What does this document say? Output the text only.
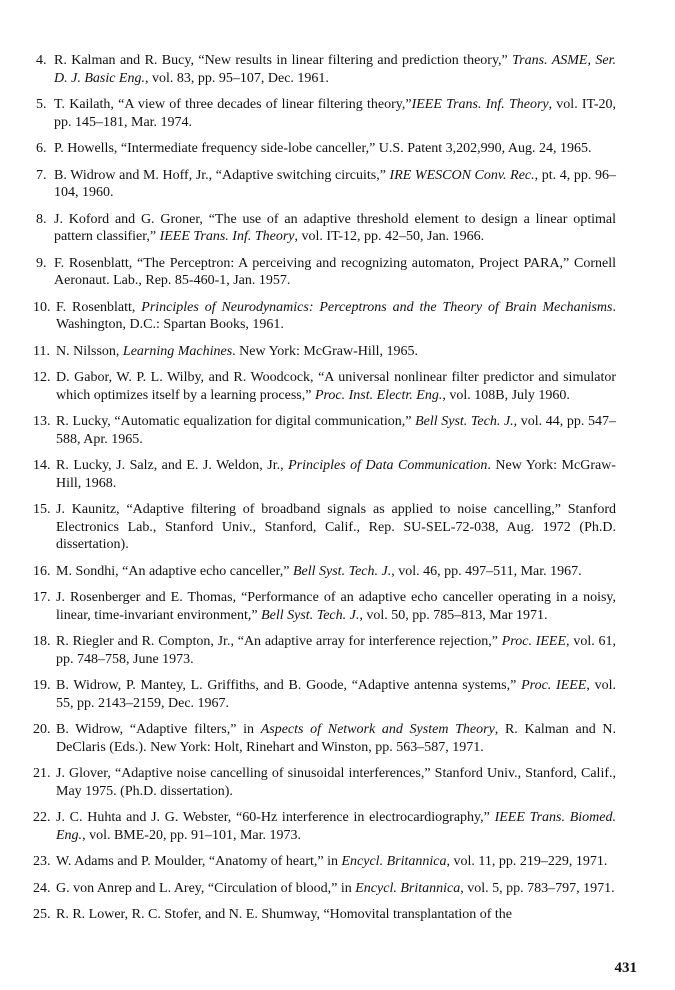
4. R. Kalman and R. Bucy, “New results in linear filtering and prediction theory,” Trans. ASME, Ser. D. J. Basic Eng., vol. 83, pp. 95–107, Dec. 1961.
5. T. Kailath, “A view of three decades of linear filtering theory,”IEEE Trans. Inf. Theory, vol. IT-20, pp. 145–181, Mar. 1974.
6. P. Howells, “Intermediate frequency side-lobe canceller,” U.S. Patent 3,202,990, Aug. 24, 1965.
7. B. Widrow and M. Hoff, Jr., “Adaptive switching circuits,” IRE WESCON Conv. Rec., pt. 4, pp. 96–104, 1960.
8. J. Koford and G. Groner, “The use of an adaptive threshold element to design a linear optimal pattern classifier,” IEEE Trans. Inf. Theory, vol. IT-12, pp. 42–50, Jan. 1966.
9. F. Rosenblatt, “The Perceptron: A perceiving and recognizing automaton, Project PARA,” Cornell Aeronaut. Lab., Rep. 85-460-1, Jan. 1957.
10. F. Rosenblatt, Principles of Neurodynamics: Perceptrons and the Theory of Brain Mechanisms. Washington, D.C.: Spartan Books, 1961.
11. N. Nilsson, Learning Machines. New York: McGraw-Hill, 1965.
12. D. Gabor, W. P. L. Wilby, and R. Woodcock, “A universal nonlinear filter predictor and simulator which optimizes itself by a learning process,” Proc. Inst. Electr. Eng., vol. 108B, July 1960.
13. R. Lucky, “Automatic equalization for digital communication,” Bell Syst. Tech. J., vol. 44, pp. 547–588, Apr. 1965.
14. R. Lucky, J. Salz, and E. J. Weldon, Jr., Principles of Data Communication. New York: McGraw-Hill, 1968.
15. J. Kaunitz, “Adaptive filtering of broadband signals as applied to noise cancelling,” Stanford Electronics Lab., Stanford Univ., Stanford, Calif., Rep. SU-SEL-72-038, Aug. 1972 (Ph.D. dissertation).
16. M. Sondhi, “An adaptive echo canceller,” Bell Syst. Tech. J., vol. 46, pp. 497–511, Mar. 1967.
17. J. Rosenberger and E. Thomas, “Performance of an adaptive echo canceller operating in a noisy, linear, time-invariant environment,” Bell Syst. Tech. J., vol. 50, pp. 785–813, Mar 1971.
18. R. Riegler and R. Compton, Jr., “An adaptive array for interference rejection,” Proc. IEEE, vol. 61, pp. 748–758, June 1973.
19. B. Widrow, P. Mantey, L. Griffiths, and B. Goode, “Adaptive antenna systems,” Proc. IEEE, vol. 55, pp. 2143–2159, Dec. 1967.
20. B. Widrow, “Adaptive filters,” in Aspects of Network and System Theory, R. Kalman and N. DeClaris (Eds.). New York: Holt, Rinehart and Winston, pp. 563–587, 1971.
21. J. Glover, “Adaptive noise cancelling of sinusoidal interferences,” Stanford Univ., Stanford, Calif., May 1975. (Ph.D. dissertation).
22. J. C. Huhta and J. G. Webster, “60-Hz interference in electrocardiography,” IEEE Trans. Biomed. Eng., vol. BME-20, pp. 91–101, Mar. 1973.
23. W. Adams and P. Moulder, “Anatomy of heart,” in Encycl. Britannica, vol. 11, pp. 219–229, 1971.
24. G. von Anrep and L. Arey, “Circulation of blood,” in Encycl. Britannica, vol. 5, pp. 783–797, 1971.
25. R. R. Lower, R. C. Stofer, and N. E. Shumway, “Homovital transplantation of the
431
